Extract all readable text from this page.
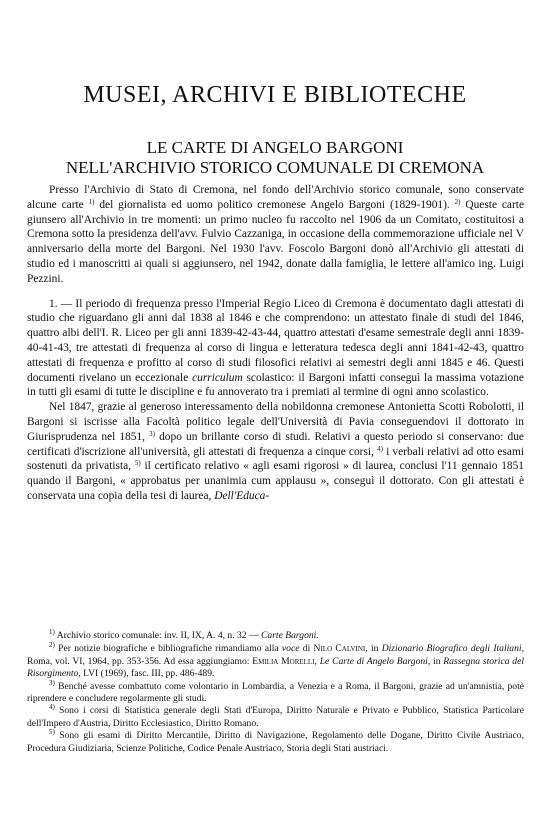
MUSEI, ARCHIVI E BIBLIOTECHE
LE CARTE DI ANGELO BARGONI
NELL'ARCHIVIO STORICO COMUNALE DI CREMONA

Presso l'Archivio di Stato di Cremona, nel fondo dell'Archivio storico comunale, sono conservate alcune carte $^{1)}$ del giornalista ed uomo politico cremonese Angelo Bargoni (1829-1901). $^{2)}$ Queste carte giunsero all'Archivio in tre momenti: un primo nucleo fu raccolto nel 1906 da un Comitato, costituitosi a Cremona sotto la presidenza dell'avv. Fulvio Cazzaniga, in occasione della commemorazione ufficiale nel V anniversario della morte del Bargoni. Nel 1930 l'avv. Foscolo Bargoni donò all'Archivio gli attestati di studio ed i manoscritti ai quali si aggiunsero, nel 1942, donate dalla famiglia, le lettere all'amico ing. Luigi Pezzini.

1. — Il periodo di frequenza presso l'Imperial Regio Liceo di Cremona è documentato dagli attestati di studio che riguardano gli anni dal 1838 al 1846 e che comprendono: un attestato finale di studi del 1846, quattro albi dell'I. R. Liceo per gli anni 1839-42-43-44, quattro attestati d'esame semestrale degli anni 1839-40-41-43, tre attestati di frequenza al corso di lingua e letteratura tedesca degli anni 1841-42-43, quattro attestati di frequenza e profitto al corso di studi filosofici relativi ai semestri degli anni 1845 e 46. Questi documenti rivelano un eccezionale curriculum scolastico: il Bargoni infatti conseguì la massima votazione in tutti gli esami di tutte le discipline e fu annoverato tra i premiati al termine di ogni anno scolastico.

Nel 1847, grazie al generoso interessamento della nobildonna cremonese Antonietta Scotti Robolotti, il Bargoni si iscrisse alla Facoltà politico legale dell'Università di Pavia conseguendovi il dottorato in Giurisprudenza nel 1851, $^{3)}$ dopo un brillante corso di studi. Relativi a questo periodo si conservano: due certificati d'iscrizione all'università, gli attestati di frequenza a cinque corsi, $^{4)}$ i verbali relativi ad otto esami sostenuti da privatista, $^{5)}$ il certificato relativo « agli esami rigorosi » di laurea, conclusi l'11 gennaio 1851 quando il Bargoni, « approbatus per unanimia cum applausu », conseguì il dottorato. Con gli attestati è conservata una copia della tesi di laurea, Dell'Educa-

$^{1)}$ Archivio storico comunale: inv. II, IX, A. 4, n. 32 — Carte Bargoni.

$^{2)}$ Per notizie biografiche e bibliografiche rimandiamo alla voce di Nilo Calvini, in Dizionario Biografico degli Italiani, Roma, vol. VI, 1964, pp. 353-356. Ad essa aggiungiamo: Emilia Morelli, Le Carte di Angelo Bargoni, in Rassegna storica del Risorgimento, LVI (1969), fasc. III, pp. 486-489.

$^{3)}$ Benché avesse combattuto come volontario in Lombardia, a Venezia e a Roma, il Bargoni, grazie ad un'amnistia, potè riprendere e concludere regolarmente gli studi.

$^{4)}$ Sono i corsi di Statistica generale degli Stati d'Europa, Diritto Naturale e Privato e Pubblico, Statistica Particolare dell'Impero d'Austria, Diritto Ecclesiastico, Diritto Romano.

$^{5)}$ Sono gli esami di Diritto Mercantile, Diritto di Navigazione, Regolamento delle Dogane, Diritto Civile Austriaco, Procedura Giudiziaria, Scienze Politiche, Codice Penale Austriaco, Storia degli Stati austriaci.
